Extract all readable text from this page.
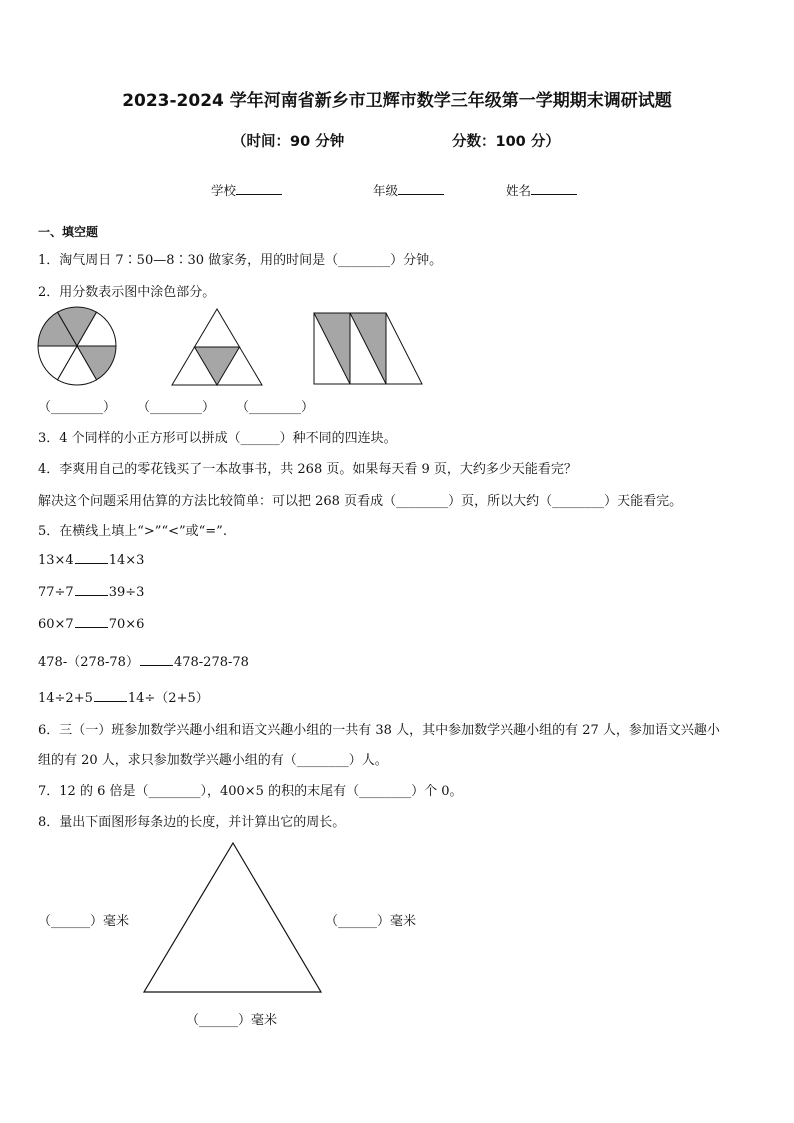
2023-2024 学年河南省新乡市卫辉市数学三年级第一学期期末调研试题
（时间：90 分钟	分数：100 分）
学校	年级	姓名
一、填空题
1．淘气周日 7∶50—8∶30 做家务，用的时间是（________）分钟。
2．用分数表示图中涂色部分。
（________） （________） （________）
3．4 个同样的小正方形可以拼成（______）种不同的四连块。
4．李爽用自己的零花钱买了一本故事书，共 268 页。如果每天看 9 页，大约多少天能看完？
解决这个问题采用估算的方法比较简单：可以把 268 页看成（________）页，所以大约（________）天能看完。
5．在横线上填上“>”“<”或“=”.
13×4	14×3
77÷7	39÷3
60×7	70×6
478-（278-78）	478-278-78
14÷2+5	14÷（2+5）
6．三（一）班参加数学兴趣小组和语文兴趣小组的一共有 38 人，其中参加数学兴趣小组的有 27 人，参加语文兴趣小
组的有 20 人，求只参加数学兴趣小组的有（________）人。
7．12 的 6 倍是（________），400×5 的积的末尾有（________）个 0。
8．量出下面图形每条边的长度，并计算出它的周长。
（______）毫米	（______）毫米
（______）毫米
